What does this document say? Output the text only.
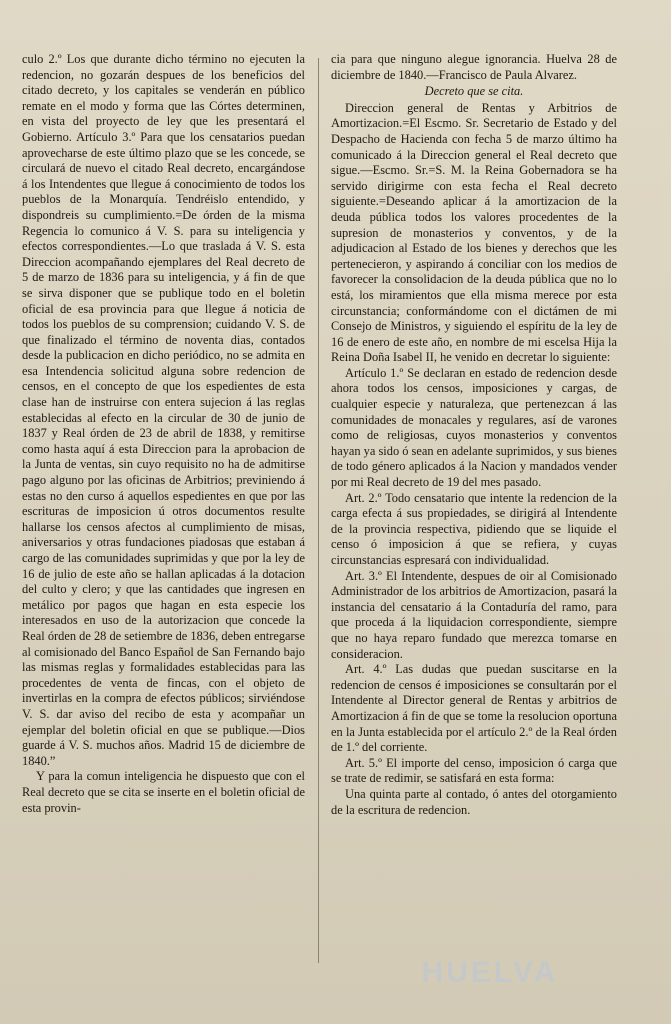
culo 2.º Los que durante dicho término no ejecuten la redencion, no gozarán despues de los beneficios del citado decreto, y los capitales se venderán en público remate en el modo y forma que las Córtes determinen, en vista del proyecto de ley que les presentará el Gobierno. Artículo 3.º Para que los censatarios puedan aprovecharse de este último plazo que se les concede, se circulará de nuevo el citado Real decreto, encargándose á los Intendentes que llegue á conocimiento de todos los pueblos de la Monarquía. Tendréislo entendido, y dispondreis su cumplimiento.=De órden de la misma Regencia lo comunico á V. S. para su inteligencia y efectos correspondientes.—Lo que traslada á V. S. esta Direccion acompañando ejemplares del Real decreto de 5 de marzo de 1836 para su inteligencia, y á fin de que se sirva disponer que se publique todo en el boletin oficial de esa provincia para que llegue á noticia de todos los pueblos de su comprension; cuidando V. S. de que finalizado el término de noventa dias, contados desde la publicacion en dicho periódico, no se admita en esa Intendencia solicitud alguna sobre redencion de censos, en el concepto de que los espedientes de esta clase han de instruirse con entera sujecion á las reglas establecidas al efecto en la circular de 30 de junio de 1837 y Real órden de 23 de abril de 1838, y remitirse como hasta aquí á esta Direccion para la aprobacion de la Junta de ventas, sin cuyo requisito no ha de admitirse pago alguno por las oficinas de Arbitrios; previniendo á estas no den curso á aquellos espedientes en que por las escrituras de imposicion ú otros documentos resulte hallarse los censos afectos al cumplimiento de misas, aniversarios y otras fundaciones piadosas que estaban á cargo de las comunidades suprimidas y que por la ley de 16 de julio de este año se hallan aplicadas á la dotacion del culto y clero; y que las cantidades que ingresen en metálico por pagos que hagan en esta especie los interesados en uso de la autorizacion que concede la Real órden de 28 de setiembre de 1836, deben entregarse al comisionado del Banco Español de San Fernando bajo las mismas reglas y formalidades establecidas para las procedentes de venta de fincas, con el objeto de invertirlas en la compra de efectos públicos; sirviéndose V. S. dar aviso del recibo de esta y acompañar un ejemplar del boletin oficial en que se publique.—Dios guarde á V. S. muchos años. Madrid 15 de diciembre de 1840.”

Y para la comun inteligencia he dispuesto que con el Real decreto que se cita se inserte en el boletin oficial de esta provin-

cia para que ninguno alegue ignorancia. Huelva 28 de diciembre de 1840.—Francisco de Paula Alvarez.

Decreto que se cita.

Direccion general de Rentas y Arbitrios de Amortizacion.=El Escmo. Sr. Secretario de Estado y del Despacho de Hacienda con fecha 5 de marzo último ha comunicado á la Direccion general el Real decreto que sigue.—Escmo. Sr.=S. M. la Reina Gobernadora se ha servido dirigirme con esta fecha el Real decreto siguiente.=Deseando aplicar á la amortizacion de la deuda pública todos los valores procedentes de la supresion de monasterios y conventos, y de la adjudicacion al Estado de los bienes y derechos que les pertenecieron, y aspirando á conciliar con los medios de favorecer la consolidacion de la deuda pública que no lo está, los miramientos que ella misma merece por esta circunstancia; conformándome con el dictámen de mi Consejo de Ministros, y siguiendo el espíritu de la ley de 16 de enero de este año, en nombre de mi escelsa Hija la Reina Doña Isabel II, he venido en decretar lo siguiente:

Artículo 1.º Se declaran en estado de redencion desde ahora todos los censos, imposiciones y cargas, de cualquier especie y naturaleza, que pertenezcan á las comunidades de monacales y regulares, así de varones como de religiosas, cuyos monasterios y conventos hayan ya sido ó sean en adelante suprimidos, y sus bienes de todo género aplicados á la Nacion y mandados vender por mi Real decreto de 19 del mes pasado.

Art. 2.º Todo censatario que intente la redencion de la carga efecta á sus propiedades, se dirigirá al Intendente de la provincia respectiva, pidiendo que se liquide el censo ó imposicion á que se refiera, y cuyas circunstancias espresará con individualidad.

Art. 3.º El Intendente, despues de oir al Comisionado Administrador de los arbitrios de Amortizacion, pasará la instancia del censatario á la Contaduría del ramo, para que proceda á la liquidacion correspondiente, siempre que no haya reparo fundado que merezca tomarse en consideracion.

Art. 4.º Las dudas que puedan suscitarse en la redencion de censos é imposiciones se consultarán por el Intendente al Director general de Rentas y arbitrios de Amortizacion á fin de que se tome la resolucion oportuna en la Junta establecida por el artículo 2.º de la Real órden de 1.º del corriente.

Art. 5.º El importe del censo, imposicion ó carga que se trate de redimir, se satisfará en esta forma:

Una quinta parte al contado, ó antes del otorgamiento de la escritura de redencion.

HUELVA
